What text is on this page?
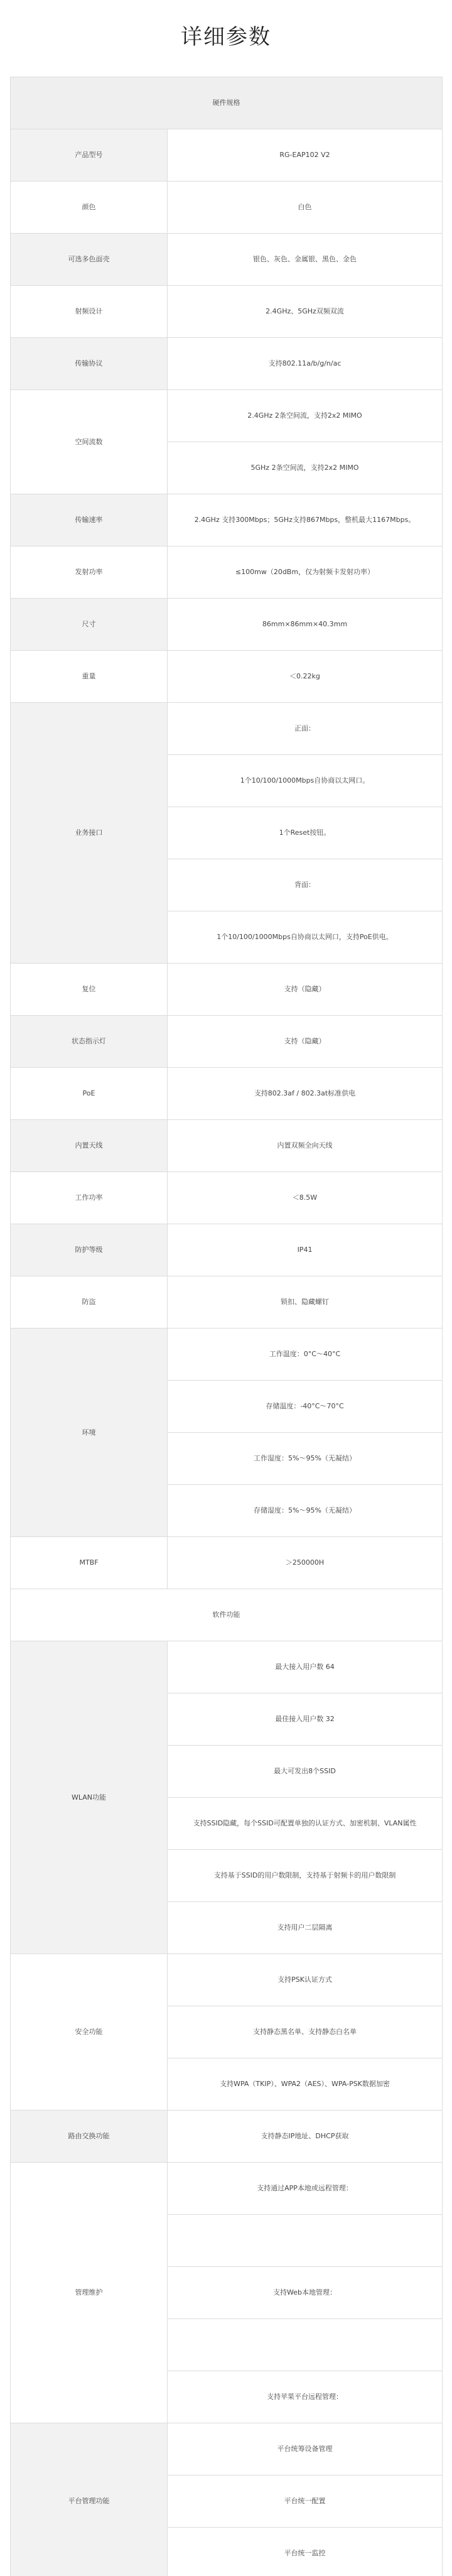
详细参数
硬件规格	
产品型号	RG-EAP102 V2
颜色	白色
可选多色面壳	银色、灰色、金属银、黑色、金色
射频设计	2.4GHz、5GHz双频双流
传输协议	支持802.11a/b/g/n/ac
空间流数	2.4GHz 2条空间流，支持2x2 MIMO
	5GHz 2条空间流，支持2x2 MIMO
传输速率	2.4GHz 支持300Mbps；5GHz支持867Mbps，整机最大1167Mbps。
发射功率	≤100mw（20dBm，仅为射频卡发射功率）
尺寸	86mm×86mm×40.3mm
重量	＜0.22kg
业务接口	正面：
	1个10/100/1000Mbps自协商以太网口。
	1个Reset按钮。
	背面：
	1个10/100/1000Mbps自协商以太网口，支持PoE供电。
复位	支持（隐藏）
状态指示灯	支持（隐藏）
PoE	支持802.3af / 802.3at标准供电
内置天线	内置双频全向天线
工作功率	＜8.5W
防护等级	IP41
防盗	锁扣、隐藏螺钉
环境	工作温度：0°C～40°C
	存储温度：-40°C～70°C
	工作湿度：5%～95%（无凝结）
	存储湿度：5%～95%（无凝结）
MTBF	＞250000H
软件功能	
WLAN功能	最大接入用户数 64
	最佳接入用户数 32
	最大可发出8个SSID
	支持SSID隐藏，每个SSID可配置单独的认证方式、加密机制、VLAN属性
	支持基于SSID的用户数限制，支持基于射频卡的用户数限制
	支持用户二层隔离
安全功能	支持PSK认证方式
	支持静态黑名单、支持静态白名单
	支持WPA（TKIP）、WPA2（AES）、WPA-PSK数据加密
路由交换功能	支持静态IP地址、DHCP获取
管理维护	支持通过APP本地或远程管理：

	支持Web本地管理：

	支持苹果平台远程管理：
平台管理功能	平台统筹设备管理
	平台统一配置
	平台统一监控
